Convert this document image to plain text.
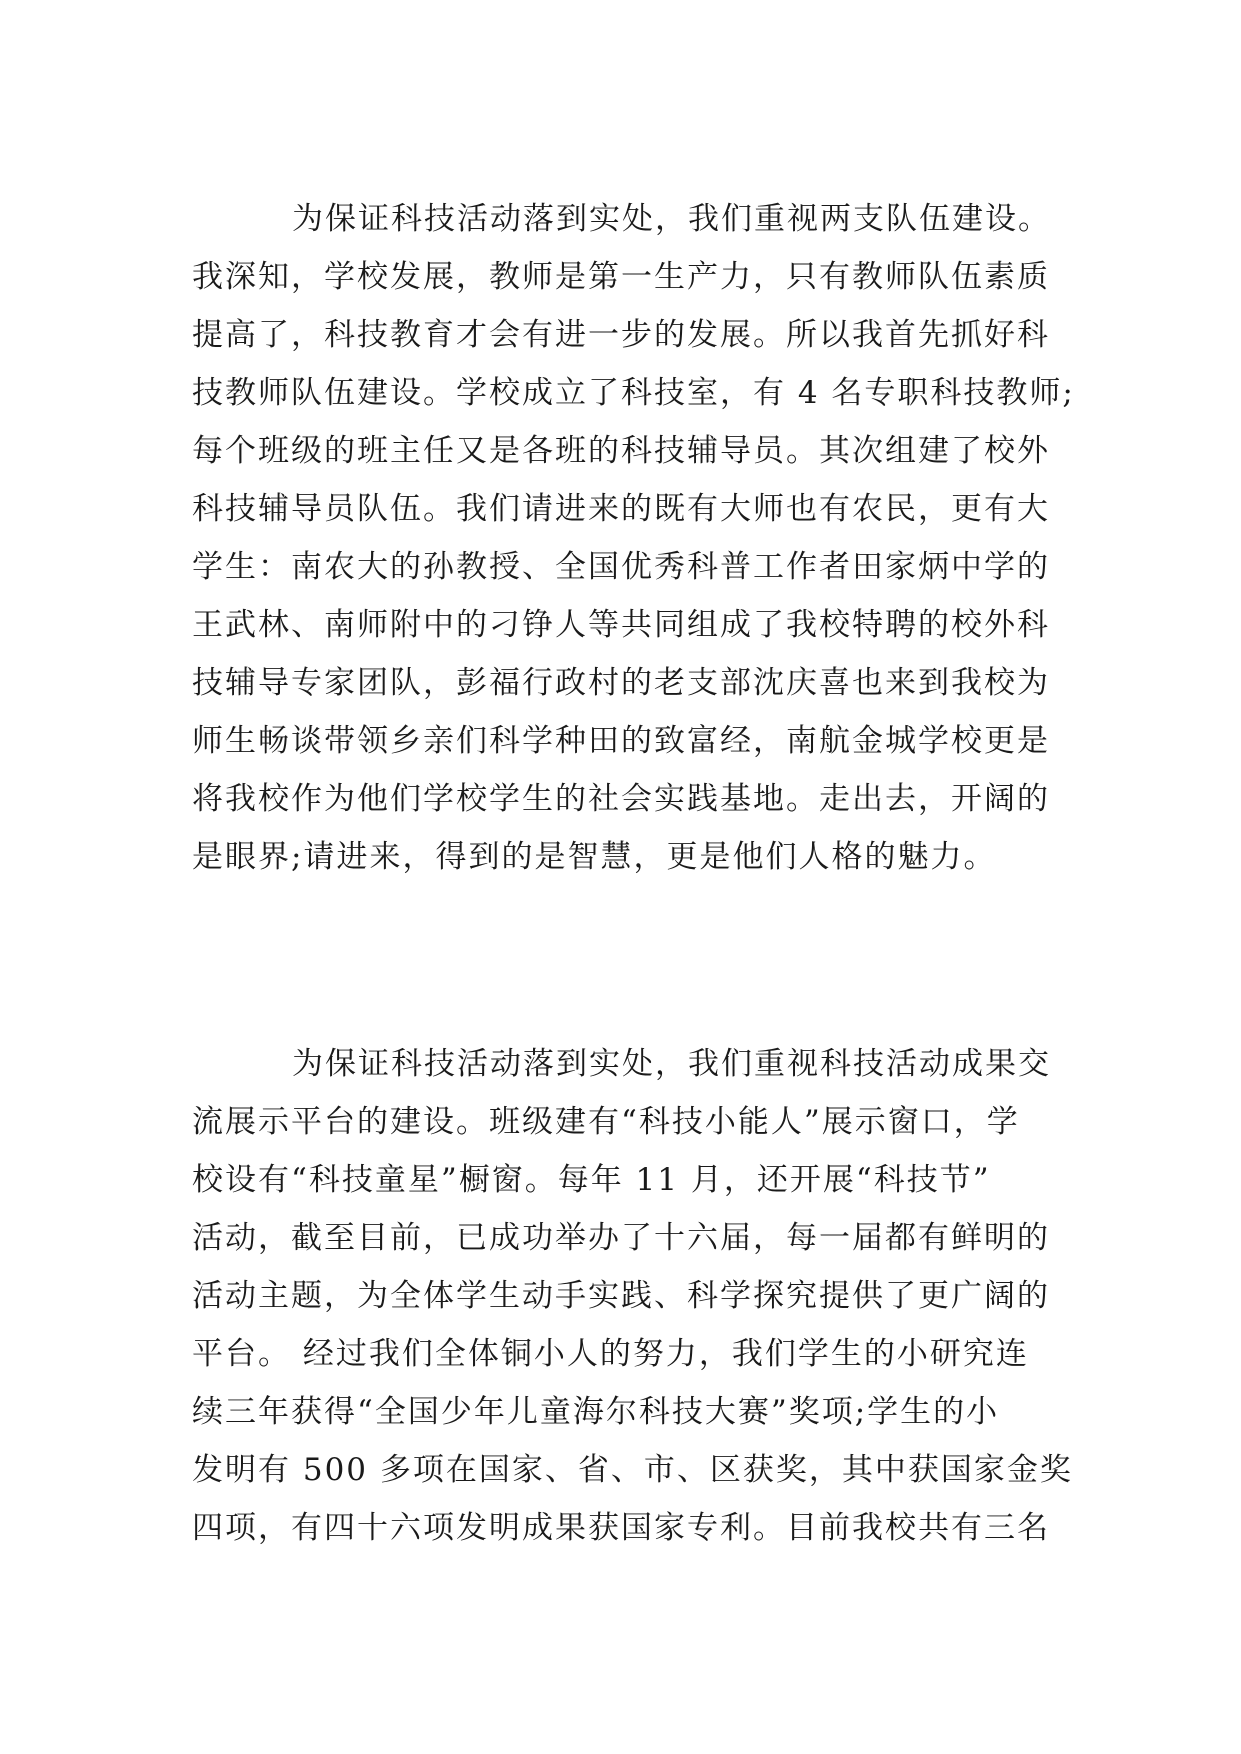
为保证科技活动落到实处，我们重视两支队伍建设。
我深知，学校发展，教师是第一生产力，只有教师队伍素质
提高了，科技教育才会有进一步的发展。所以我首先抓好科
技教师队伍建设。学校成立了科技室，有 4 名专职科技教师;
每个班级的班主任又是各班的科技辅导员。其次组建了校外
科技辅导员队伍。我们请进来的既有大师也有农民，更有大
学生：南农大的孙教授、全国优秀科普工作者田家炳中学的
王武林、南师附中的刁铮人等共同组成了我校特聘的校外科
技辅导专家团队，彭福行政村的老支部沈庆喜也来到我校为
师生畅谈带领乡亲们科学种田的致富经，南航金城学校更是
将我校作为他们学校学生的社会实践基地。走出去，开阔的
是眼界;请进来，得到的是智慧，更是他们人格的魅力。
为保证科技活动落到实处，我们重视科技活动成果交
流展示平台的建设。班级建有“科技小能人”展示窗口，学
校设有“科技童星”橱窗。每年 11 月，还开展“科技节”
活动，截至目前，已成功举办了十六届，每一届都有鲜明的
活动主题，为全体学生动手实践、科学探究提供了更广阔的
平台。 经过我们全体铜小人的努力，我们学生的小研究连
续三年获得“全国少年儿童海尔科技大赛”奖项;学生的小
发明有 500 多项在国家、省、市、区获奖，其中获国家金奖
四项，有四十六项发明成果获国家专利。目前我校共有三名
